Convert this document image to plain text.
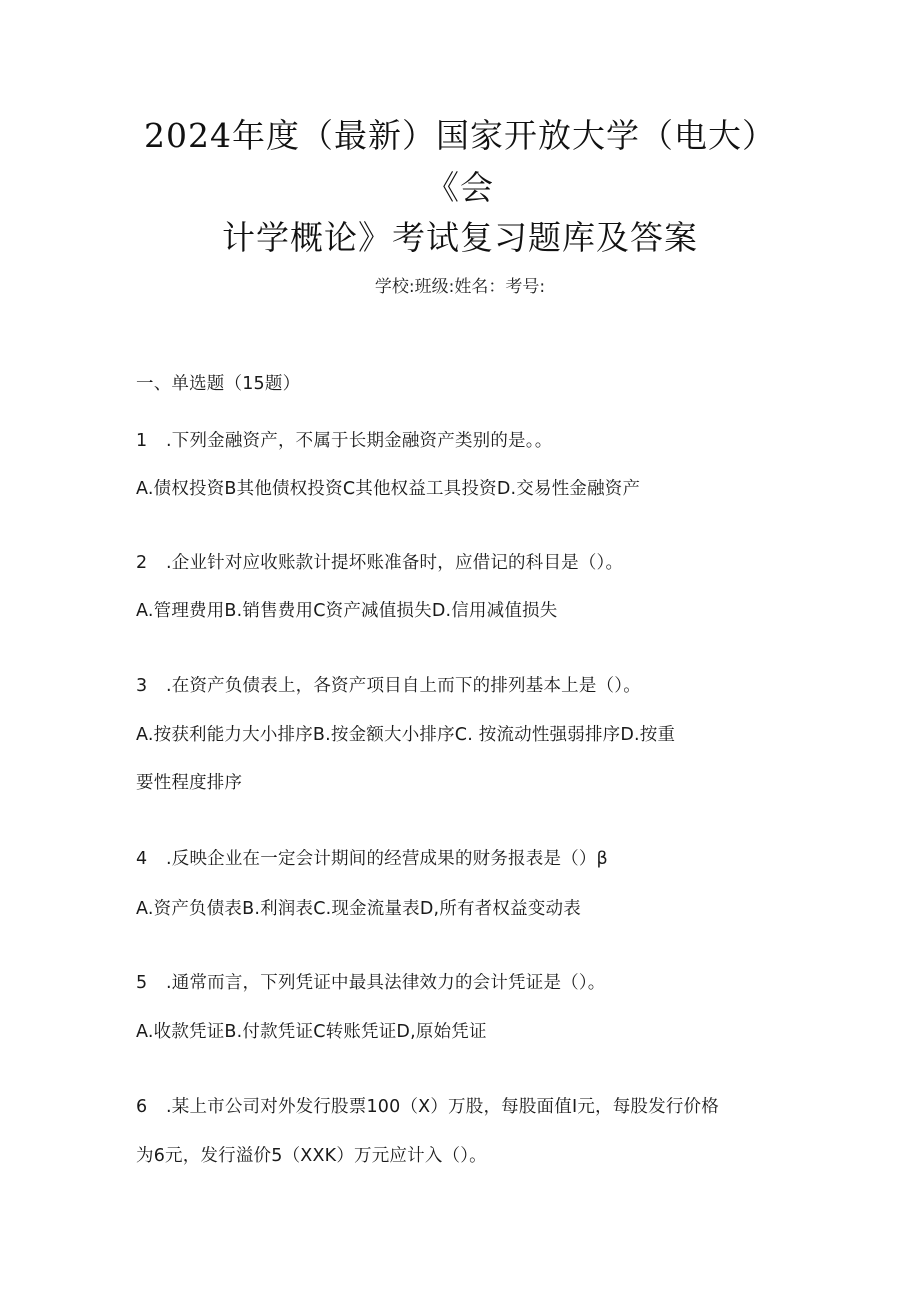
2024年度（最新）国家开放大学（电大）
《会
计学概论》考试复习题库及答案
学校:班级:姓名：考号:
一、单选题（15题）
1 .下列金融资产，不属于长期金融资产类别的是。。
A.债权投资B其他债权投资C其他权益工具投资D.交易性金融资产
2 .企业针对应收账款计提坏账准备时，应借记的科目是（）。
A.管理费用B.销售费用C资产减值损失D.信用减值损失
3 .在资产负债表上，各资产项目自上而下的排列基本上是（）。
A.按获利能力大小排序B.按金额大小排序C. 按流动性强弱排序D.按重
要性程度排序
4 .反映企业在一定会计期间的经营成果的财务报表是（）β
A.资产负债表B.利润表C.现金流量表D,所有者权益变动表
5 .通常而言，下列凭证中最具法律效力的会计凭证是（）。
A.收款凭证B.付款凭证C转账凭证D,原始凭证
6 .某上市公司对外发行股票100（X）万股，每股面值I元，每股发行价格
为6元，发行溢价5（XXK）万元应计入（）。
